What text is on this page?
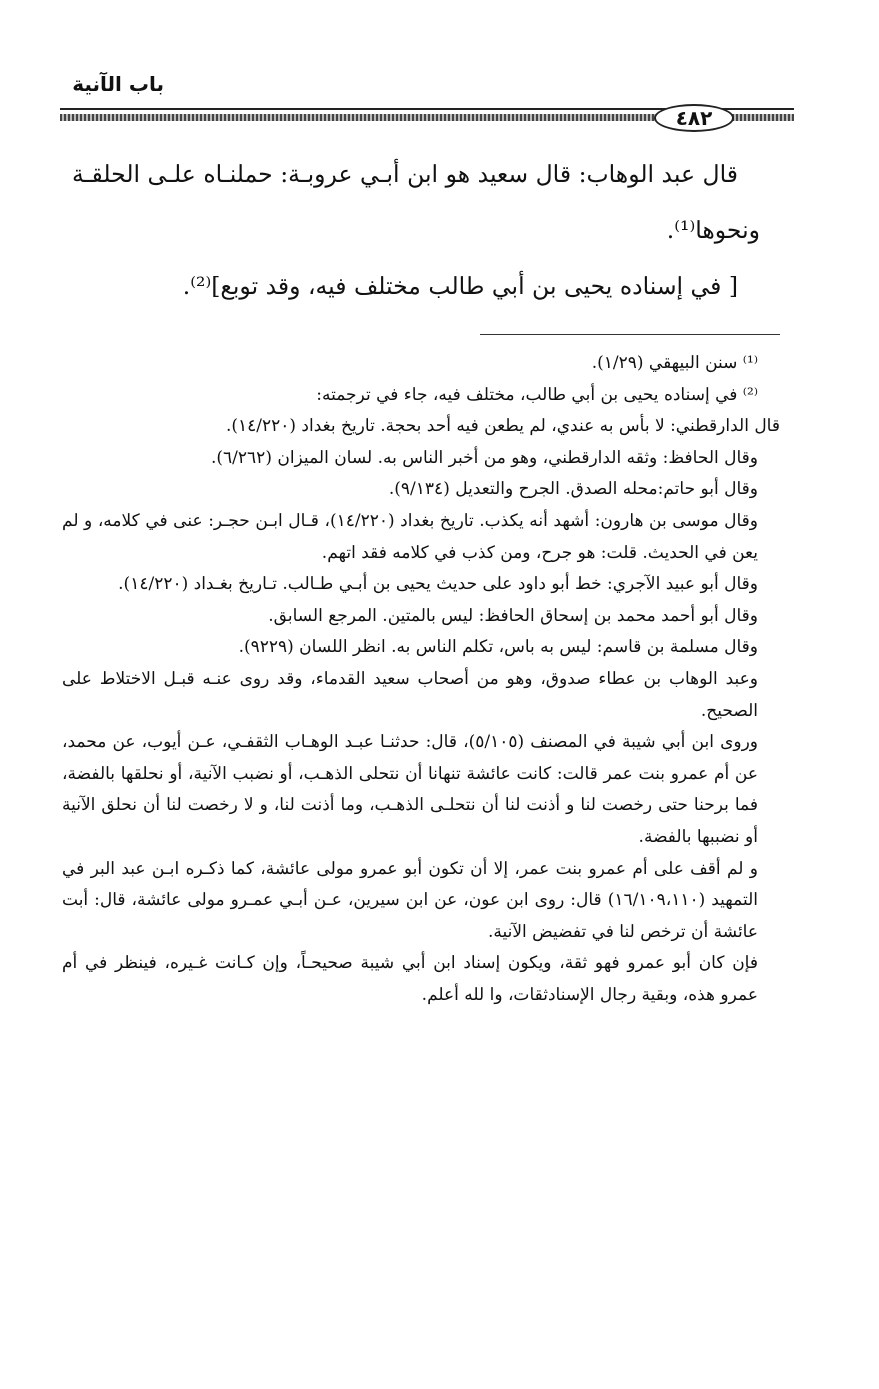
باب الآنية
٤٨٢

قال عبد الوهاب: قال سعيد هو ابن أبـي عروبـة: حملنـاه علـى الحلقـة ونحوها⁽¹⁾.

[ في إسناده يحيى بن أبي طالب مختلف فيه، وقد توبع]⁽²⁾.

⁽¹⁾ سنن البيهقي (١/٢٩).

⁽²⁾ في إسناده يحيى بن أبي طالب، مختلف فيه، جاء في ترجمته:

قال الدارقطني: لا بأس به عندي، لم يطعن فيه أحد بحجة. تاريخ بغداد (١٤/٢٢٠).

وقال الحافظ: وثقه الدارقطني، وهو من أخبر الناس به. لسان الميزان (٦/٢٦٢).

وقال أبو حاتم:محله الصدق. الجرح والتعديل (٩/١٣٤).

وقال موسى بن هارون: أشهد أنه يكذب. تاريخ بغداد (١٤/٢٢٠)، قـال ابـن حجـر: عنى في كلامه، و لم يعن في الحديث. قلت: هو جرح، ومن كذب في كلامه فقد اتهم.

وقال أبو عبيد الآجري: خط أبو داود على حديث يحيى بن أبـي طـالب. تـاريخ بغـداد (١٤/٢٢٠).

وقال أبو أحمد محمد بن إسحاق الحافظ: ليس بالمتين. المرجع السابق.

وقال مسلمة بن قاسم: ليس به باس، تكلم الناس به. انظر اللسان (٩٢٢٩).

وعبد الوهاب بن عطاء صدوق، وهو من أصحاب سعيد القدماء، وقد روى عنـه قبـل الاختلاط على الصحيح.

وروى ابن أبي شيبة في المصنف (٥/١٠٥)، قال: حدثنـا عبـد الوهـاب الثقفـي، عـن أيوب، عن محمد، عن أم عمرو بنت عمر قالت: كانت عائشة تنهانا أن نتحلى الذهـب، أو نضبب الآنية، أو نحلقها بالفضة، فما برحنا حتى رخصت لنا و أذنت لنا أن نتحلـى الذهـب، وما أذنت لنا، و لا رخصت لنا أن نحلق الآنية أو نضببها بالفضة.

و لم أقف على أم عمرو بنت عمر، إلا أن تكون أبو عمرو مولى عائشة، كما ذكـره ابـن عبد البر في التمهيد (١٦/١٠٩،١١٠) قال: روى ابن عون، عن ابن سيرين، عـن أبـي عمـرو مولى عائشة، قال: أبت عائشة أن ترخص لنا في تفضيض الآنية.

فإن كان أبو عمرو فهو ثقة، ويكون إسناد ابن أبي شيبة صحيحـاً، وإن كـانت غـيره، فينظر في أم عمرو هذه، وبقية رجال الإسنادثقات، وا لله أعلم.
